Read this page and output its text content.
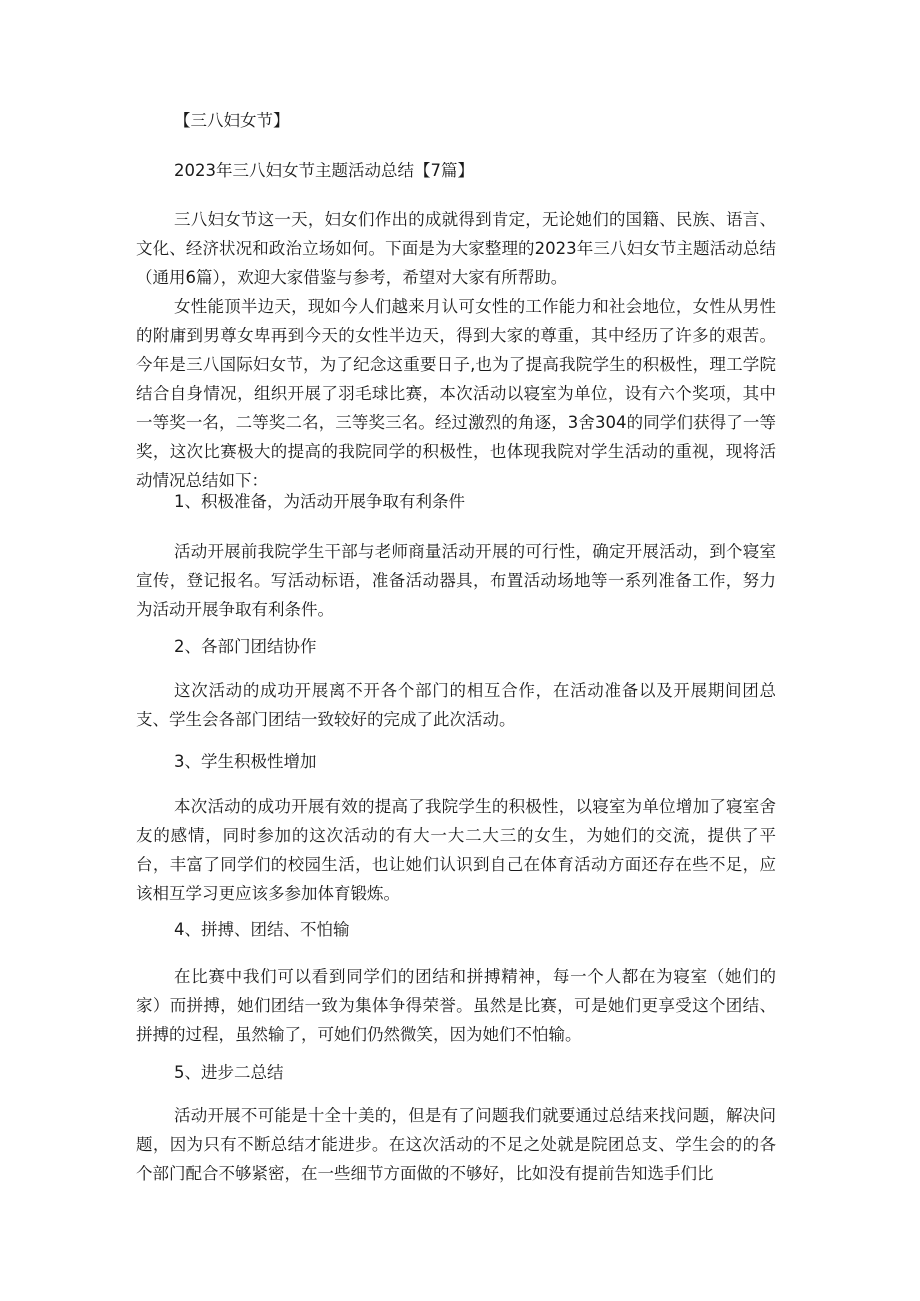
【三八妇女节】
2023年三八妇女节主题活动总结【7篇】
三八妇女节这一天，妇女们作出的成就得到肯定，无论她们的国籍、民族、语言、文化、经济状况和政治立场如何。下面是为大家整理的2023年三八妇女节主题活动总结（通用6篇），欢迎大家借鉴与参考，希望对大家有所帮助。
女性能顶半边天，现如今人们越来月认可女性的工作能力和社会地位，女性从男性的附庸到男尊女卑再到今天的女性半边天，得到大家的尊重，其中经历了许多的艰苦。今年是三八国际妇女节，为了纪念这重要日子,也为了提高我院学生的积极性，理工学院结合自身情况，组织开展了羽毛球比赛，本次活动以寝室为单位，设有六个奖项，其中一等奖一名，二等奖二名，三等奖三名。经过激烈的角逐，3舍304的同学们获得了一等奖，这次比赛极大的提高的我院同学的积极性，也体现我院对学生活动的重视，现将活动情况总结如下：
1、积极准备，为活动开展争取有利条件
活动开展前我院学生干部与老师商量活动开展的可行性，确定开展活动，到个寝室宣传，登记报名。写活动标语，准备活动器具，布置活动场地等一系列准备工作，努力为活动开展争取有利条件。
2、各部门团结协作
这次活动的成功开展离不开各个部门的相互合作，在活动准备以及开展期间团总支、学生会各部门团结一致较好的完成了此次活动。
3、学生积极性增加
本次活动的成功开展有效的提高了我院学生的积极性，以寝室为单位增加了寝室舍友的感情，同时参加的这次活动的有大一大二大三的女生，为她们的交流，提供了平台，丰富了同学们的校园生活，也让她们认识到自己在体育活动方面还存在些不足，应该相互学习更应该多参加体育锻炼。
4、拼搏、团结、不怕输
在比赛中我们可以看到同学们的团结和拼搏精神，每一个人都在为寝室（她们的家）而拼搏，她们团结一致为集体争得荣誉。虽然是比赛，可是她们更享受这个团结、拼搏的过程，虽然输了，可她们仍然微笑，因为她们不怕输。
5、进步二总结
活动开展不可能是十全十美的，但是有了问题我们就要通过总结来找问题，解决问题，因为只有不断总结才能进步。在这次活动的不足之处就是院团总支、学生会的的各个部门配合不够紧密，在一些细节方面做的不够好，比如没有提前告知选手们比
